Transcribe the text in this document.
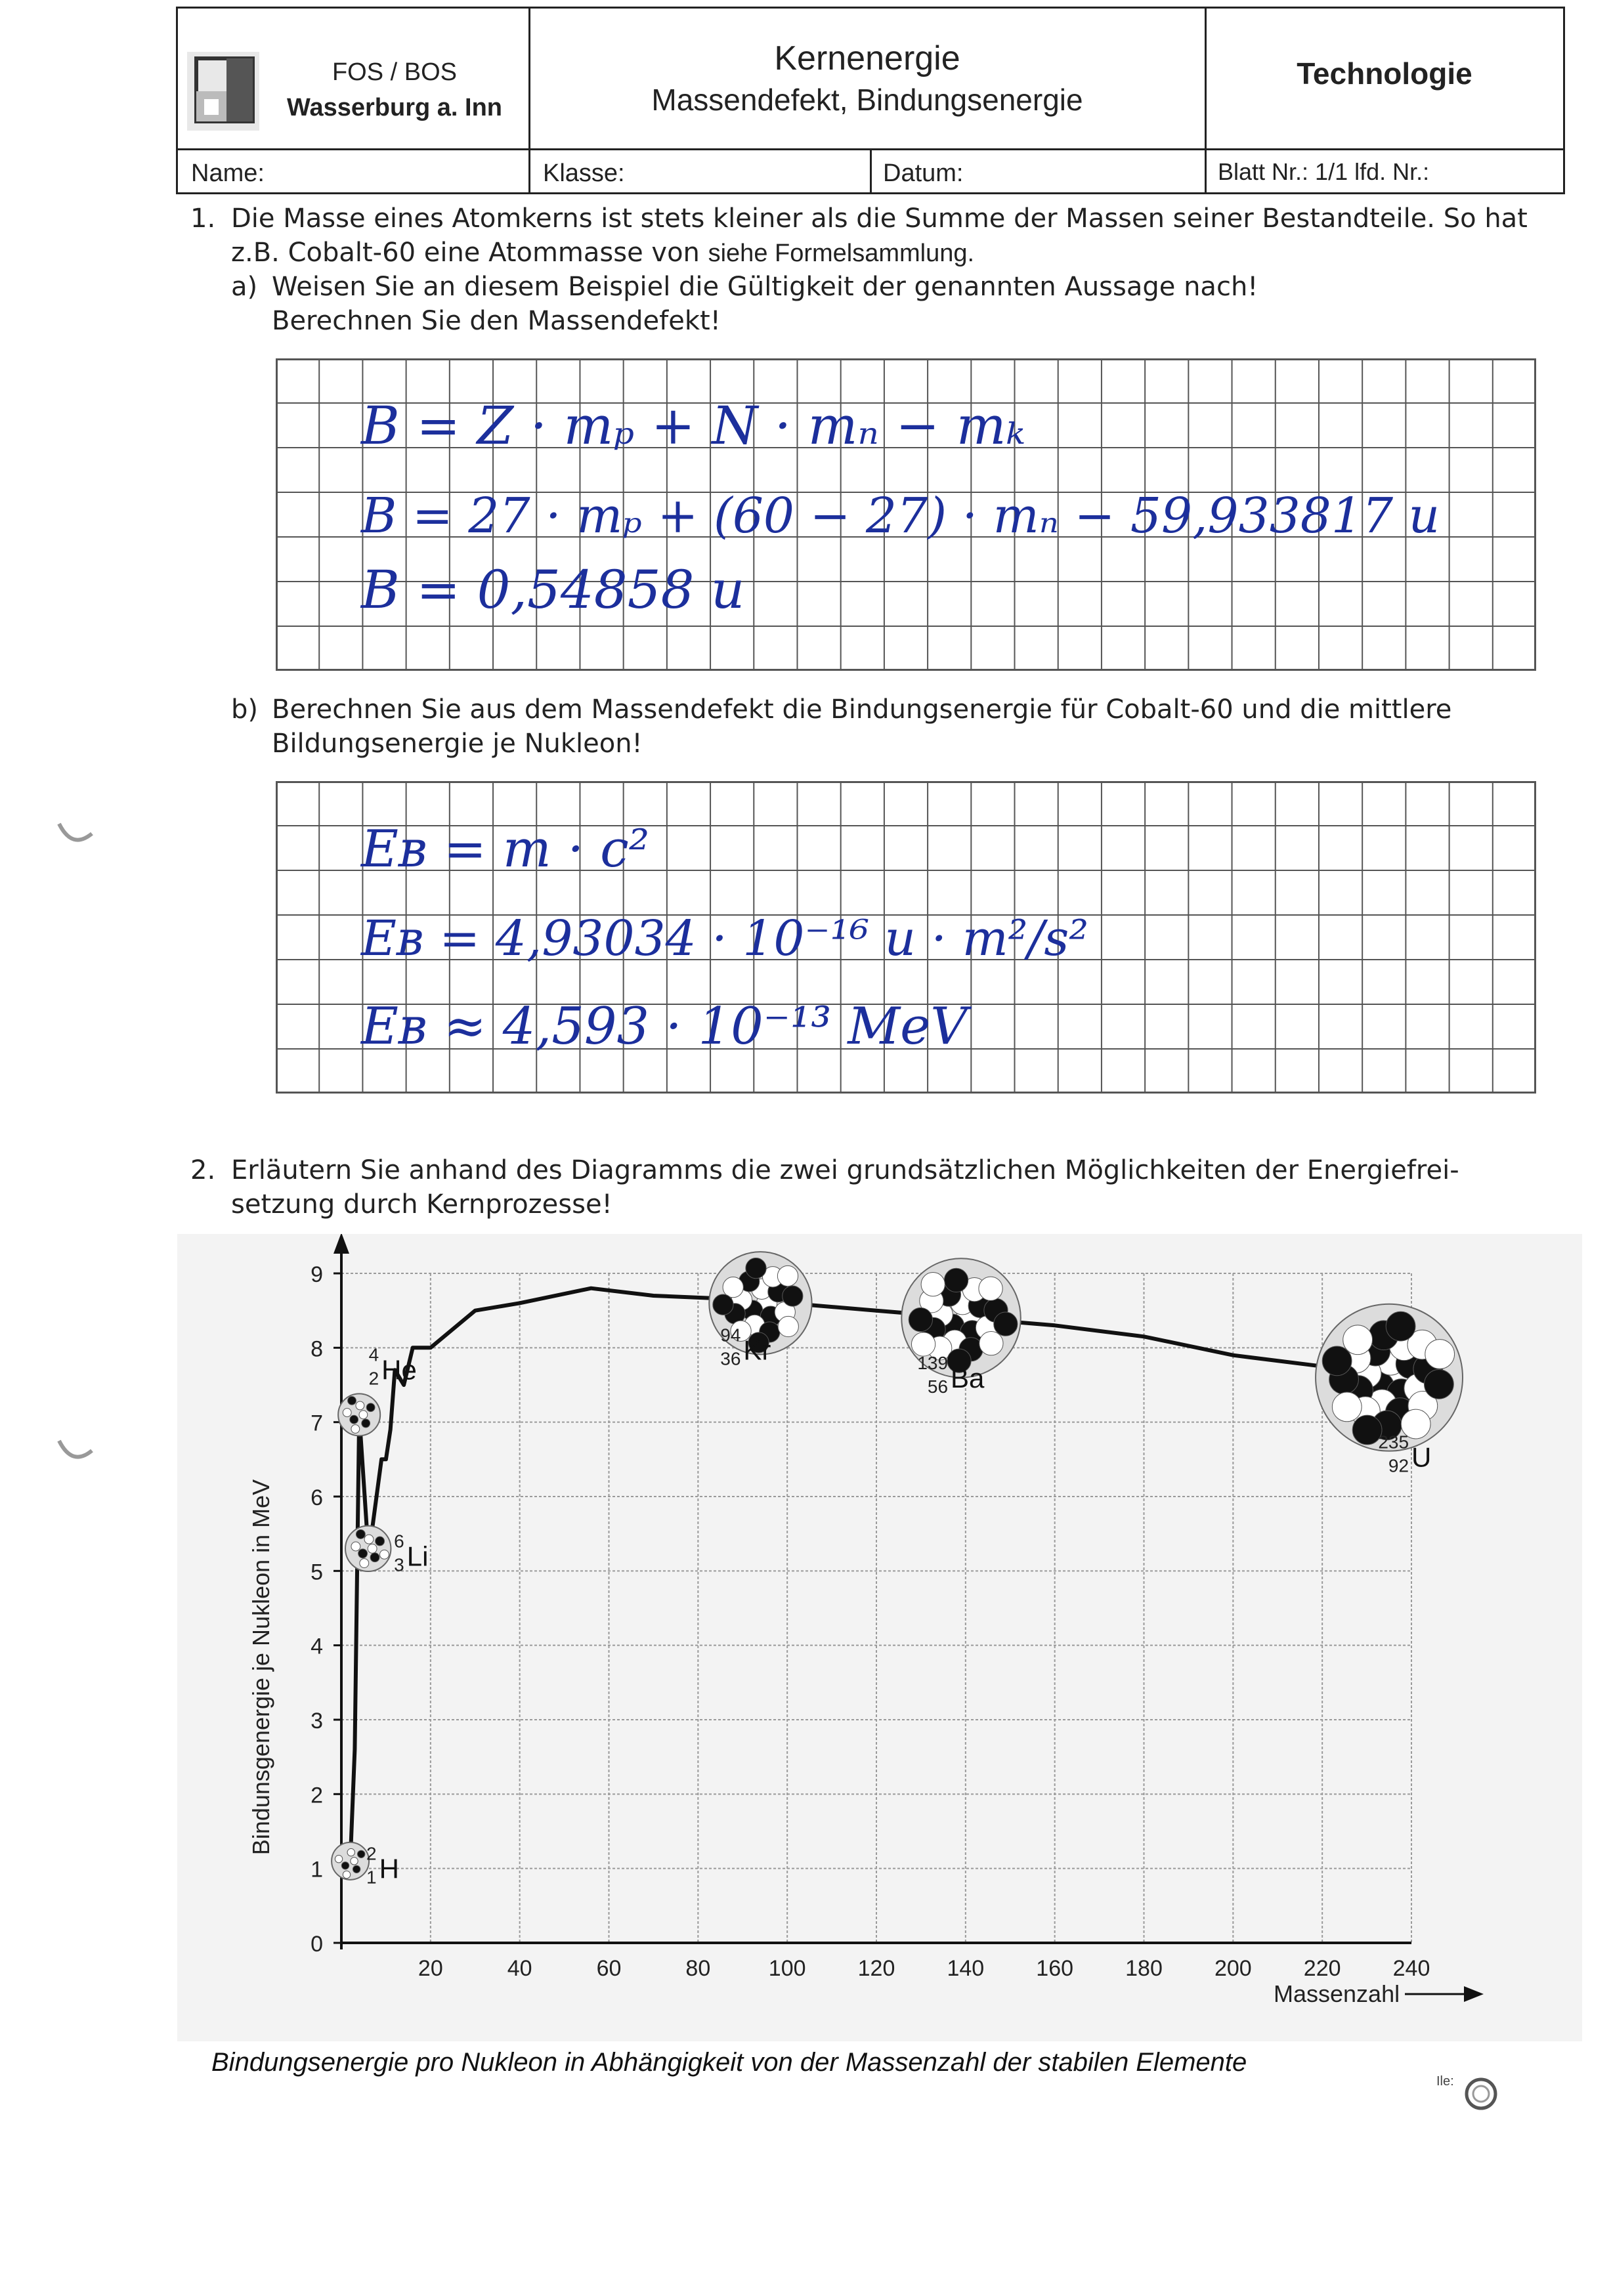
FOS / BOS
Wasserburg a. Inn
Kernenergie
Massendefekt, Bindungsenergie
Technologie
Name:	Klasse:	Datum:	Blatt Nr.: 1/1 lfd. Nr.:
1. Die Masse eines Atomkerns ist stets kleiner als die Summe der Massen seiner Bestandteile. So hat
z.B. Cobalt-60 eine Atommasse von siehe Formelsammlung.
a) Weisen Sie an diesem Beispiel die Gültigkeit der genannten Aussage nach!
Berechnen Sie den Massendefekt!
B = Z · mₚ + N · mₙ − mₖ
B = 27 · mₚ + (60 − 27) · mₙ − 59,933817 u
B = 0,54858 u
b) Berechnen Sie aus dem Massendefekt die Bindungsenergie für Cobalt-60 und die mittlere
Bildungsenergie je Nukleon!
Eʙ = m · c²
Eʙ = 4,93034 · 10⁻¹⁶ u · m²/s²
Eʙ ≈ 4,593 · 10⁻¹³ MeV
2. Erläutern Sie anhand des Diagramms die zwei grundsätzlichen Möglichkeiten der Energiefrei-
setzung durch Kernprozesse!
0
1
2
3
4
5
6
7
8
9
20	40	60	80	100 120 140 160 180 200 220 240
4
2 He
6
3 Li
2
1 H
94
36 Kr	139
56 Ba
235
92 U
Bindunsgenergie je Nukleon in MeV
Massenzahl
Bindungsenergie pro Nukleon in Abhängigkeit von der Massenzahl der stabilen Elemente
Ile:
